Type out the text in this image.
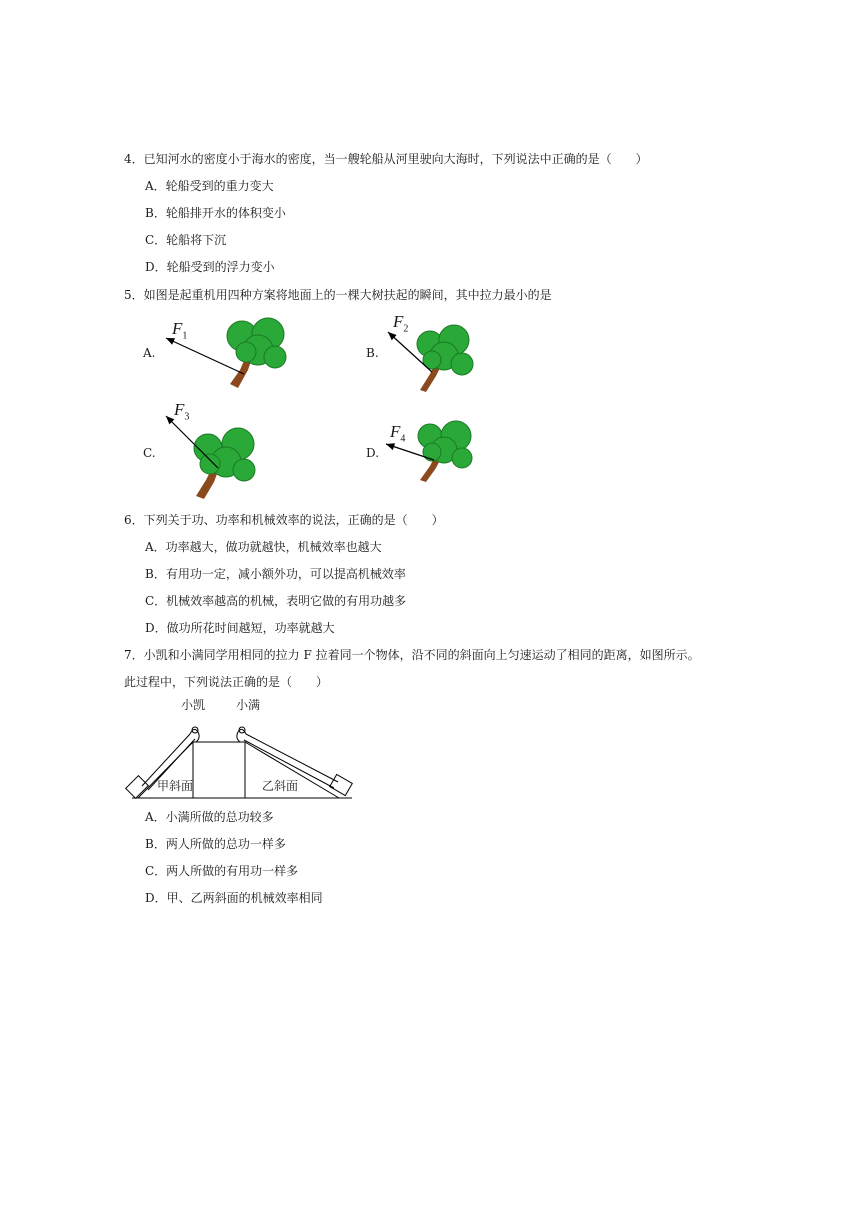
4．已知河水的密度小于海水的密度，当一艘轮船从河里驶向大海时，下列说法中正确的是（　　）
A．轮船受到的重力变大
B．轮船排开水的体积变小
C．轮船将下沉
D．轮船受到的浮力变小
5．如图是起重机用四种方案将地面上的一棵大树扶起的瞬间，其中拉力最小的是
A.
$F_1$
B.
$F_2$
C.
$F_3$
D.
$F_4$
6．下列关于功、功率和机械效率的说法，正确的是（　　）
A．功率越大，做功就越快，机械效率也越大
B．有用功一定，减小额外功，可以提高机械效率
C．机械效率越高的机械，表明它做的有用功越多
D．做功所花时间越短，功率就越大
7．小凯和小满同学用相同的拉力 F 拉着同一个物体，沿不同的斜面向上匀速运动了相同的距离，如图所示。
此过程中，下列说法正确的是（　　）
小凯	小满
甲斜面	乙斜面
A．小满所做的总功较多
B．两人所做的总功一样多
C．两人所做的有用功一样多
D．甲、乙两斜面的机械效率相同
